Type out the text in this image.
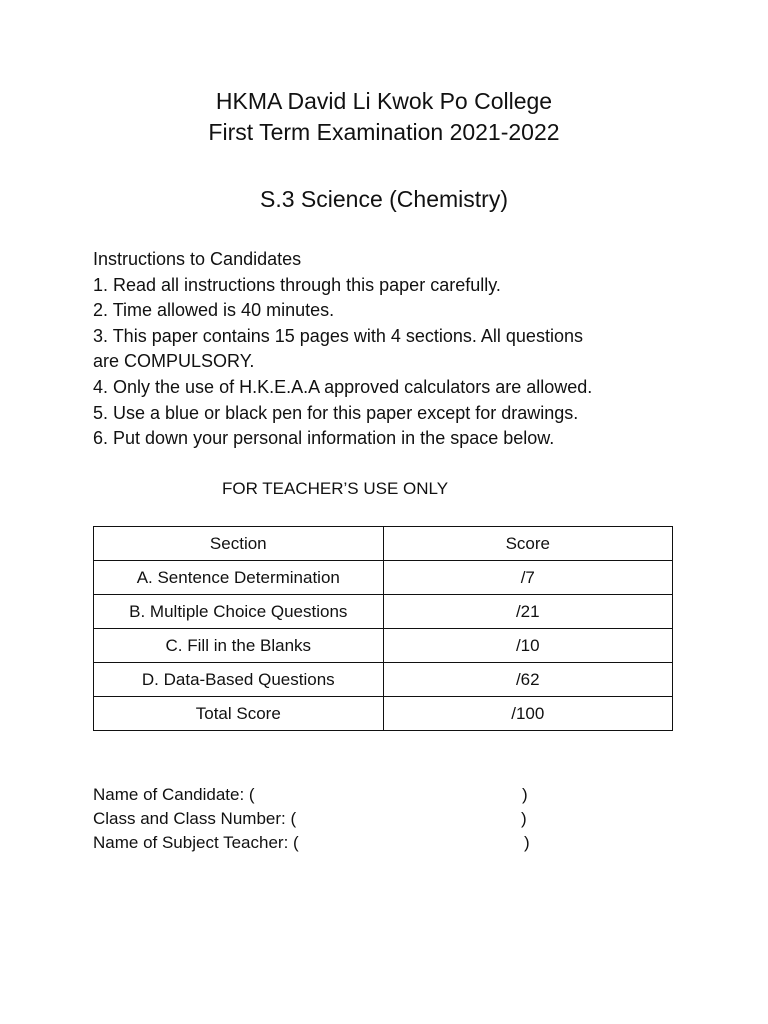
HKMA David Li Kwok Po College
First Term Examination 2021-2022
S.3 Science (Chemistry)
Instructions to Candidates
1. Read all instructions through this paper carefully.
2. Time allowed is 40 minutes.
3. This paper contains 15 pages with 4 sections. All questions
are COMPULSORY.
4. Only the use of H.K.E.A.A approved calculators are allowed.
5. Use a blue or black pen for this paper except for drawings.
6. Put down your personal information in the space below.
FOR TEACHER’S USE ONLY
Section	Score
A. Sentence Determination	/7
B. Multiple Choice Questions	/21
C. Fill in the Blanks	/10
D. Data-Based Questions	/62
Total Score	/100
Name of Candidate: (	)
Class and Class Number: (	)
Name of Subject Teacher: (	)
